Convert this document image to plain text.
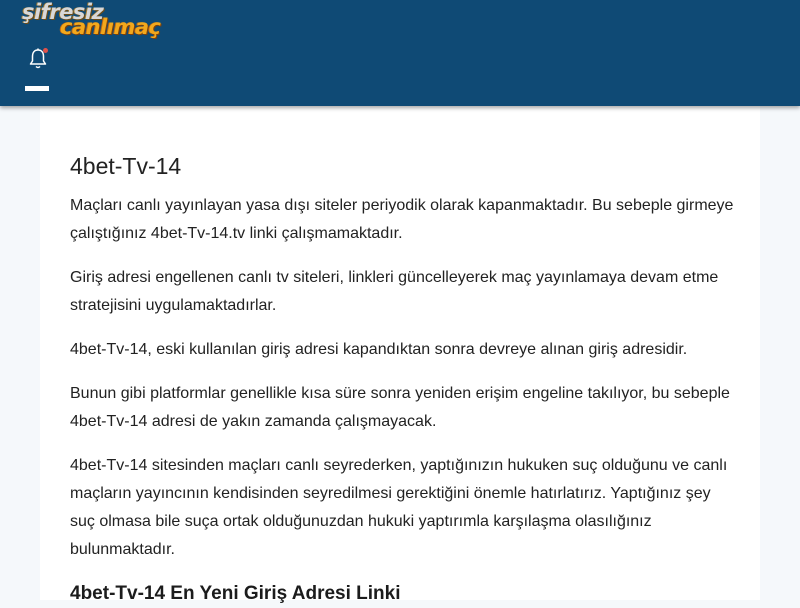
şifresiz
canlımaç
4bet-Tv-14

Maçları canlı yayınlayan yasa dışı siteler periyodik olarak kapanmaktadır. Bu sebeple girmeye çalıştığınız 4bet-Tv-14.tv linki çalışmamaktadır.

Giriş adresi engellenen canlı tv siteleri, linkleri güncelleyerek maç yayınlamaya devam etme stratejisini uygulamaktadırlar.

4bet-Tv-14, eski kullanılan giriş adresi kapandıktan sonra devreye alınan giriş adresidir.

Bunun gibi platformlar genellikle kısa süre sonra yeniden erişim engeline takılıyor, bu sebeple 4bet-Tv-14 adresi de yakın zamanda çalışmayacak.

4bet-Tv-14 sitesinden maçları canlı seyrederken, yaptığınızın hukuken suç olduğunu ve canlı maçların yayıncının kendisinden seyredilmesi gerektiğini önemle hatırlatırız. Yaptığınız şey suç olmasa bile suça ortak olduğunuzdan hukuki yaptırımla karşılaşma olasılığınız bulunmaktadır.

4bet-Tv-14 En Yeni Giriş Adresi Linki
